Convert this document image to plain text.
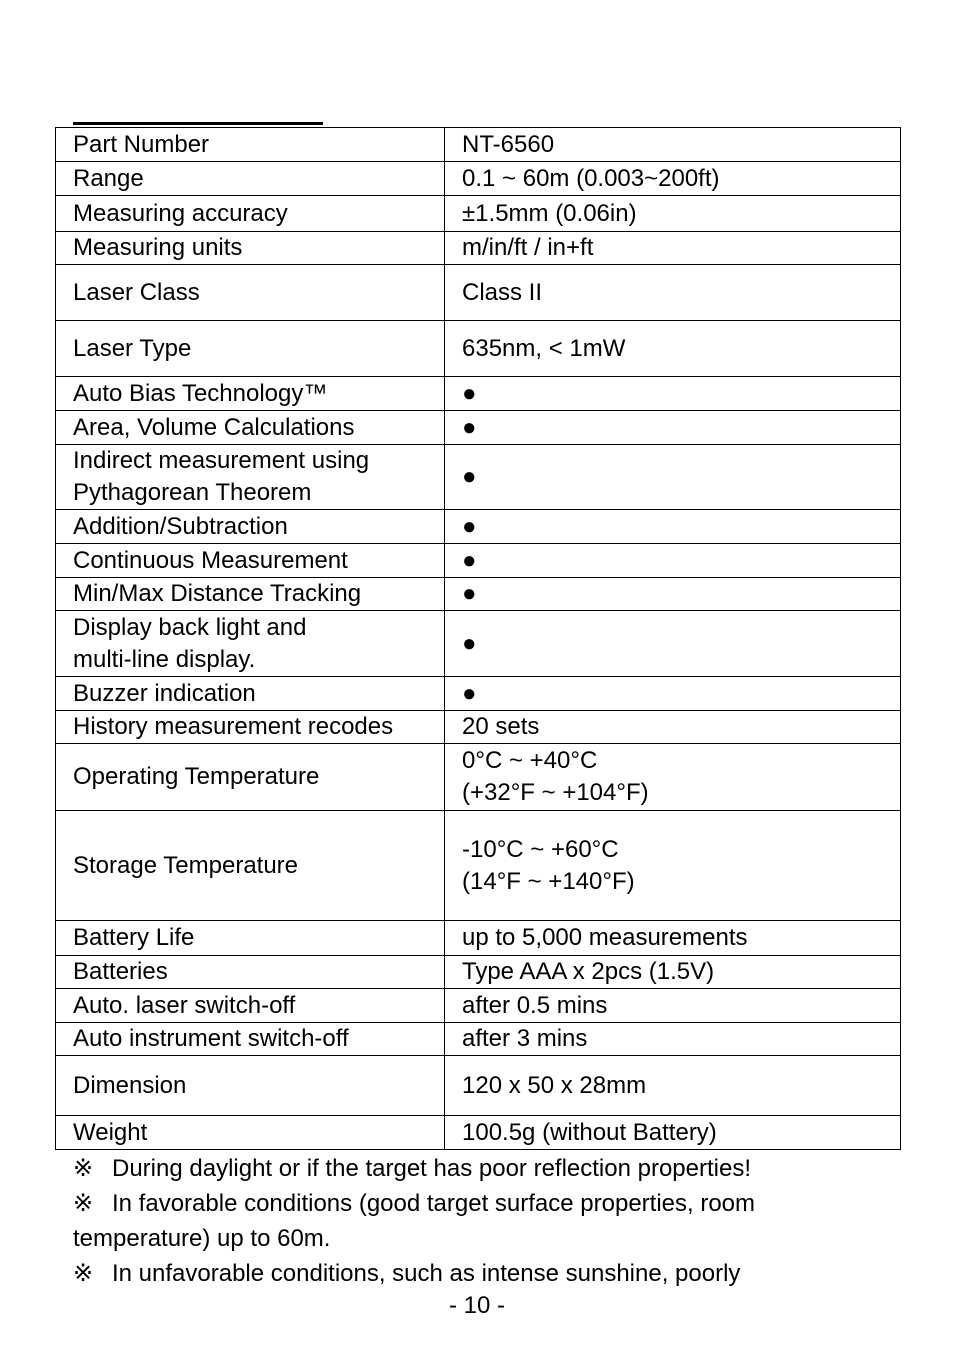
Part Number	NT-6560
Range	0.1 ~ 60m (0.003~200ft)
Measuring accuracy	±1.5mm (0.06in)
Measuring units	m/in/ft / in+ft
Laser Class	Class II
Laser Type	635nm, < 1mW
Auto Bias Technology™	●
Area, Volume Calculations	●

Indirect measurement using
Pythagorean Theorem	●
Addition/Subtraction	●
Continuous Measurement	●
Min/Max Distance Tracking	●

Display back light and
multi-line display.	●
Buzzer indication	●
History measurement recodes	20 sets
Operating Temperature	0°C ~ +40°C
(+32°F ~ +104°F)

Storage Temperature	-10°C ~ +60°C
(14°F ~ +140°F)

Battery Life	up to 5,000 measurements
Batteries	Type AAA x 2pcs (1.5V)
Auto. laser switch-off	after 0.5 mins
Auto instrument switch-off	after 3 mins
Dimension	120 x 50 x 28mm
Weight	100.5g (without Battery)

※ During daylight or if the target has poor reflection properties!

※ In favorable conditions (good target surface properties, room

temperature) up to 60m.

※ In unfavorable conditions, such as intense sunshine, poorly

- 10 -
